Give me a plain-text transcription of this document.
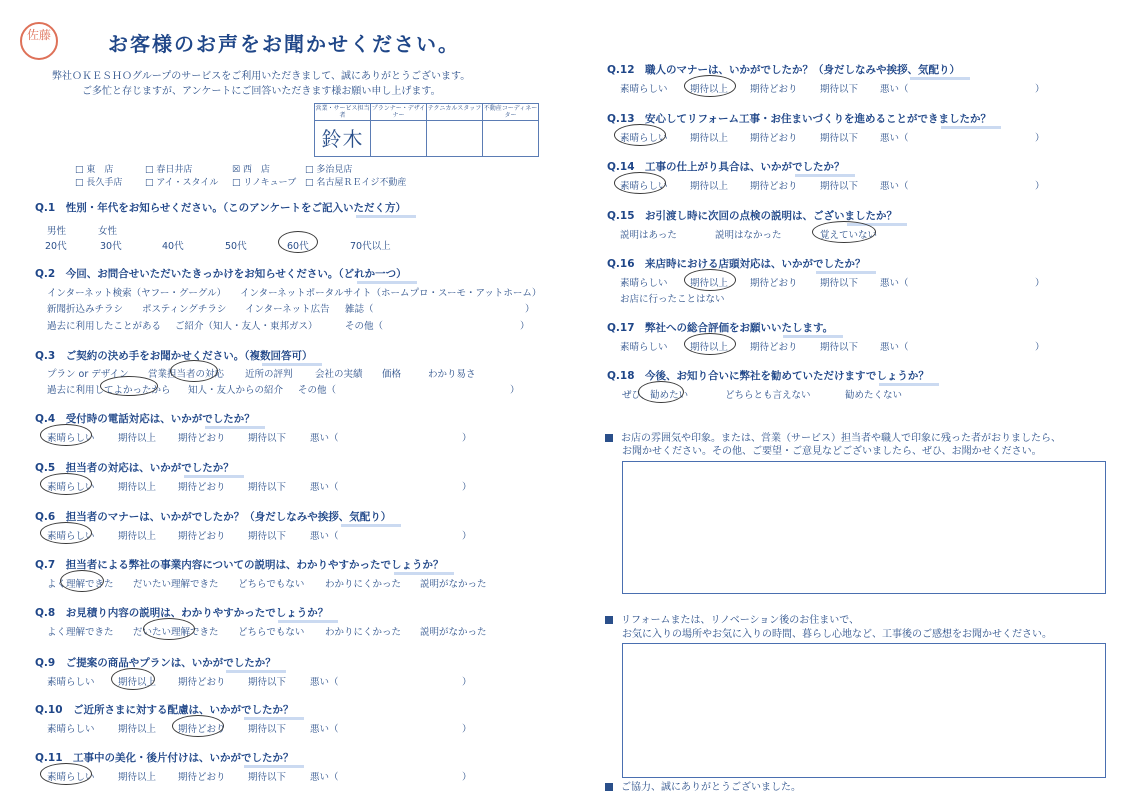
佐藤	お客様のお声をお聞かせください。
弊社ＯＫＥＳＨＯグループのサービスをご利用いただきまして、誠にありがとうございます。
ご多忙と存じますが、アンケートにご回答いただきます様お願い申し上げます。
営業・サービス担当者	プランナー・デザイナー	テクニカルスタッフ	不動産コーディネーター
鈴木			
□ 東　店	□ 春日井店	☒ 西　店	□ 多治見店
□ 長久手店	□ アイ・スタイル □ リノキューブ □ 名古屋ＲＥイジ不動産
Q.1　性別・年代をお知らせください。（このアンケートをご記入いただく方）
男性	女性
20代	30代	40代	50代	60代	70代以上
Q.2　今回、お問合せいただいたきっかけをお知らせください。（どれか一つ）
インターネット検索（ヤフー・グーグル） インターネットポータルサイト（ホームプロ・スーモ・アットホーム）
新聞折込みチラシ ポスティングチラシ インターネット広告 雑誌（	）
過去に利用したことがある ご紹介（知人・友人・東邦ガス）	その他（	）
Q.3　ご契約の決め手をお聞かせください。（複数回答可）
プラン or デザイン 営業担当者の対応 近所の評判 会社の実績 価格	わかり易さ
過去に利用してよかったから 知人・友人からの紹介 その他（	）
Q.4　受付時の電話対応は、いかがでしたか？
素晴らしい 期待以上 期待どおり 期待以下	悪い（	）
Q.5　担当者の対応は、いかがでしたか？
素晴らしい 期待以上 期待どおり 期待以下	悪い（	）
Q.6　担当者のマナーは、いかがでしたか？（身だしなみや挨拶、気配り）
素晴らしい 期待以上 期待どおり 期待以下	悪い（	）
Q.7　担当者による弊社の事業内容についての説明は、わかりやすかったでしょうか？
よく理解できた だいたい理解できた どちらでもない わかりにくかった 説明がなかった
Q.8　お見積り内容の説明は、わかりやすかったでしょうか？
よく理解できた だいたい理解できた どちらでもない わかりにくかった 説明がなかった
Q.9　ご提案の商品やプランは、いかがでしたか？
素晴らしい 期待以上 期待どおり 期待以下	悪い（	）
Q.10　ご近所さまに対する配慮は、いかがでしたか？
素晴らしい 期待以上 期待どおり 期待以下	悪い（	）
Q.11　工事中の美化・後片付けは、いかがでしたか？
素晴らしい 期待以上 期待どおり 期待以下	悪い（	）
Q.12　職人のマナーは、いかがでしたか？（身だしなみや挨拶、気配り）
素晴らしい 期待以上 期待どおり 期待以下 悪い（	）
Q.13　安心してリフォーム工事・お住まいづくりを進めることができましたか？
素晴らしい 期待以上 期待どおり 期待以下 悪い（	）
Q.14　工事の仕上がり具合は、いかがでしたか？
素晴らしい 期待以上 期待どおり 期待以下 悪い（	）
Q.15　お引渡し時に次回の点検の説明は、ございましたか？
説明はあった	説明はなかった	覚えていない
Q.16　来店時における店頭対応は、いかがでしたか？
素晴らしい 期待以上 期待どおり 期待以下 悪い（	）
お店に行ったことはない
Q.17　弊社への総合評価をお願いいたします。
素晴らしい 期待以上 期待どおり 期待以下 悪い（	）
Q.18　今後、お知り合いに弊社を勧めていただけますでしょうか？
ぜひ、勧めたい	どちらとも言えない	勧めたくない
お店の雰囲気や印象。または、営業（サービス）担当者や職人で印象に残った者がおりましたら、
お聞かせください。その他、ご要望・ご意見などございましたら、ぜひ、お聞かせください。
リフォームまたは、リノベーション後のお住まいで、
お気に入りの場所やお気に入りの時間、暮らし心地など、工事後のご感想をお聞かせください。
ご協力、誠にありがとうございました。
